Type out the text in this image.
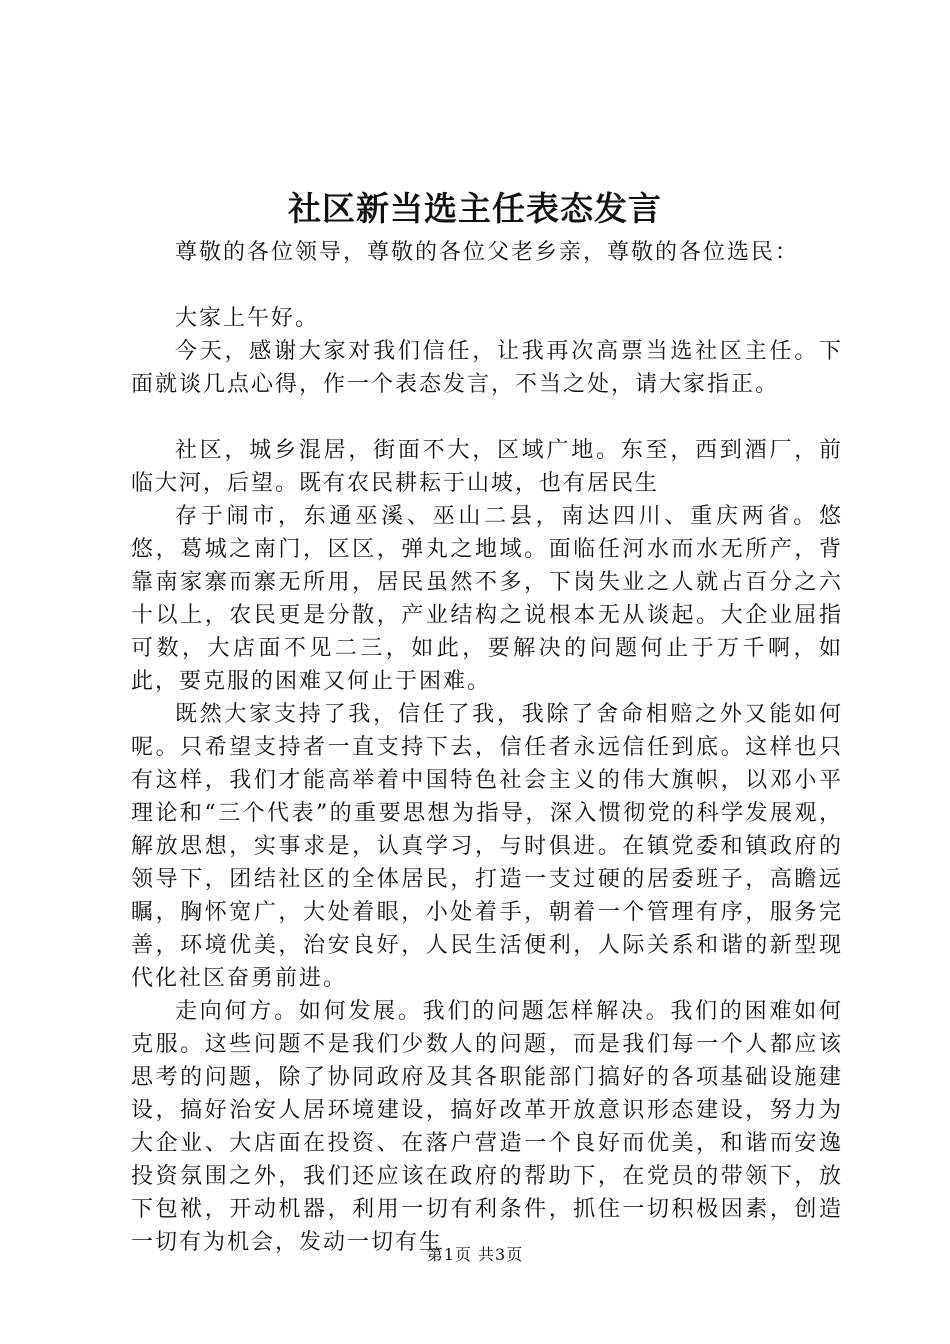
社区新当选主任表态发言

尊敬的各位领导，尊敬的各位父老乡亲，尊敬的各位选民：

大家上午好。

今天，感谢大家对我们信任，让我再次高票当选社区主任。下面就谈几点心得，作一个表态发言，不当之处，请大家指正。

社区，城乡混居，街面不大，区域广地。东至，西到酒厂，前临大河，后望。既有农民耕耘于山坡，也有居民生

存于闹市，东通巫溪、巫山二县，南达四川、重庆两省。悠悠，葛城之南门，区区，弹丸之地域。面临任河水而水无所产，背靠南家寨而寨无所用，居民虽然不多，下岗失业之人就占百分之六十以上，农民更是分散，产业结构之说根本无从谈起。大企业屈指可数，大店面不见二三，如此，要解决的问题何止于万千啊，如此，要克服的困难又何止于困难。

既然大家支持了我，信任了我，我除了舍命相赔之外又能如何呢。只希望支持者一直支持下去，信任者永远信任到底。这样也只有这样，我们才能高举着中国特色社会主义的伟大旗帜，以邓小平理论和“三个代表”的重要思想为指导，深入惯彻党的科学发展观，解放思想，实事求是，认真学习，与时俱进。在镇党委和镇政府的领导下，团结社区的全体居民，打造一支过硬的居委班子，高瞻远瞩，胸怀宽广，大处着眼，小处着手，朝着一个管理有序，服务完善，环境优美，治安良好，人民生活便利，人际关系和谐的新型现代化社区奋勇前进。

走向何方。如何发展。我们的问题怎样解决。我们的困难如何克服。这些问题不是我们少数人的问题，而是我们每一个人都应该思考的问题，除了协同政府及其各职能部门搞好的各项基础设施建设，搞好治安人居环境建设，搞好改革开放意识形态建设，努力为大企业、大店面在投资、在落户营造一个良好而优美，和谐而安逸投资氛围之外，我们还应该在政府的帮助下，在党员的带领下，放下包袱，开动机器，利用一切有利条件，抓住一切积极因素，创造一切有为机会，发动一切有生

第1页 共3页
